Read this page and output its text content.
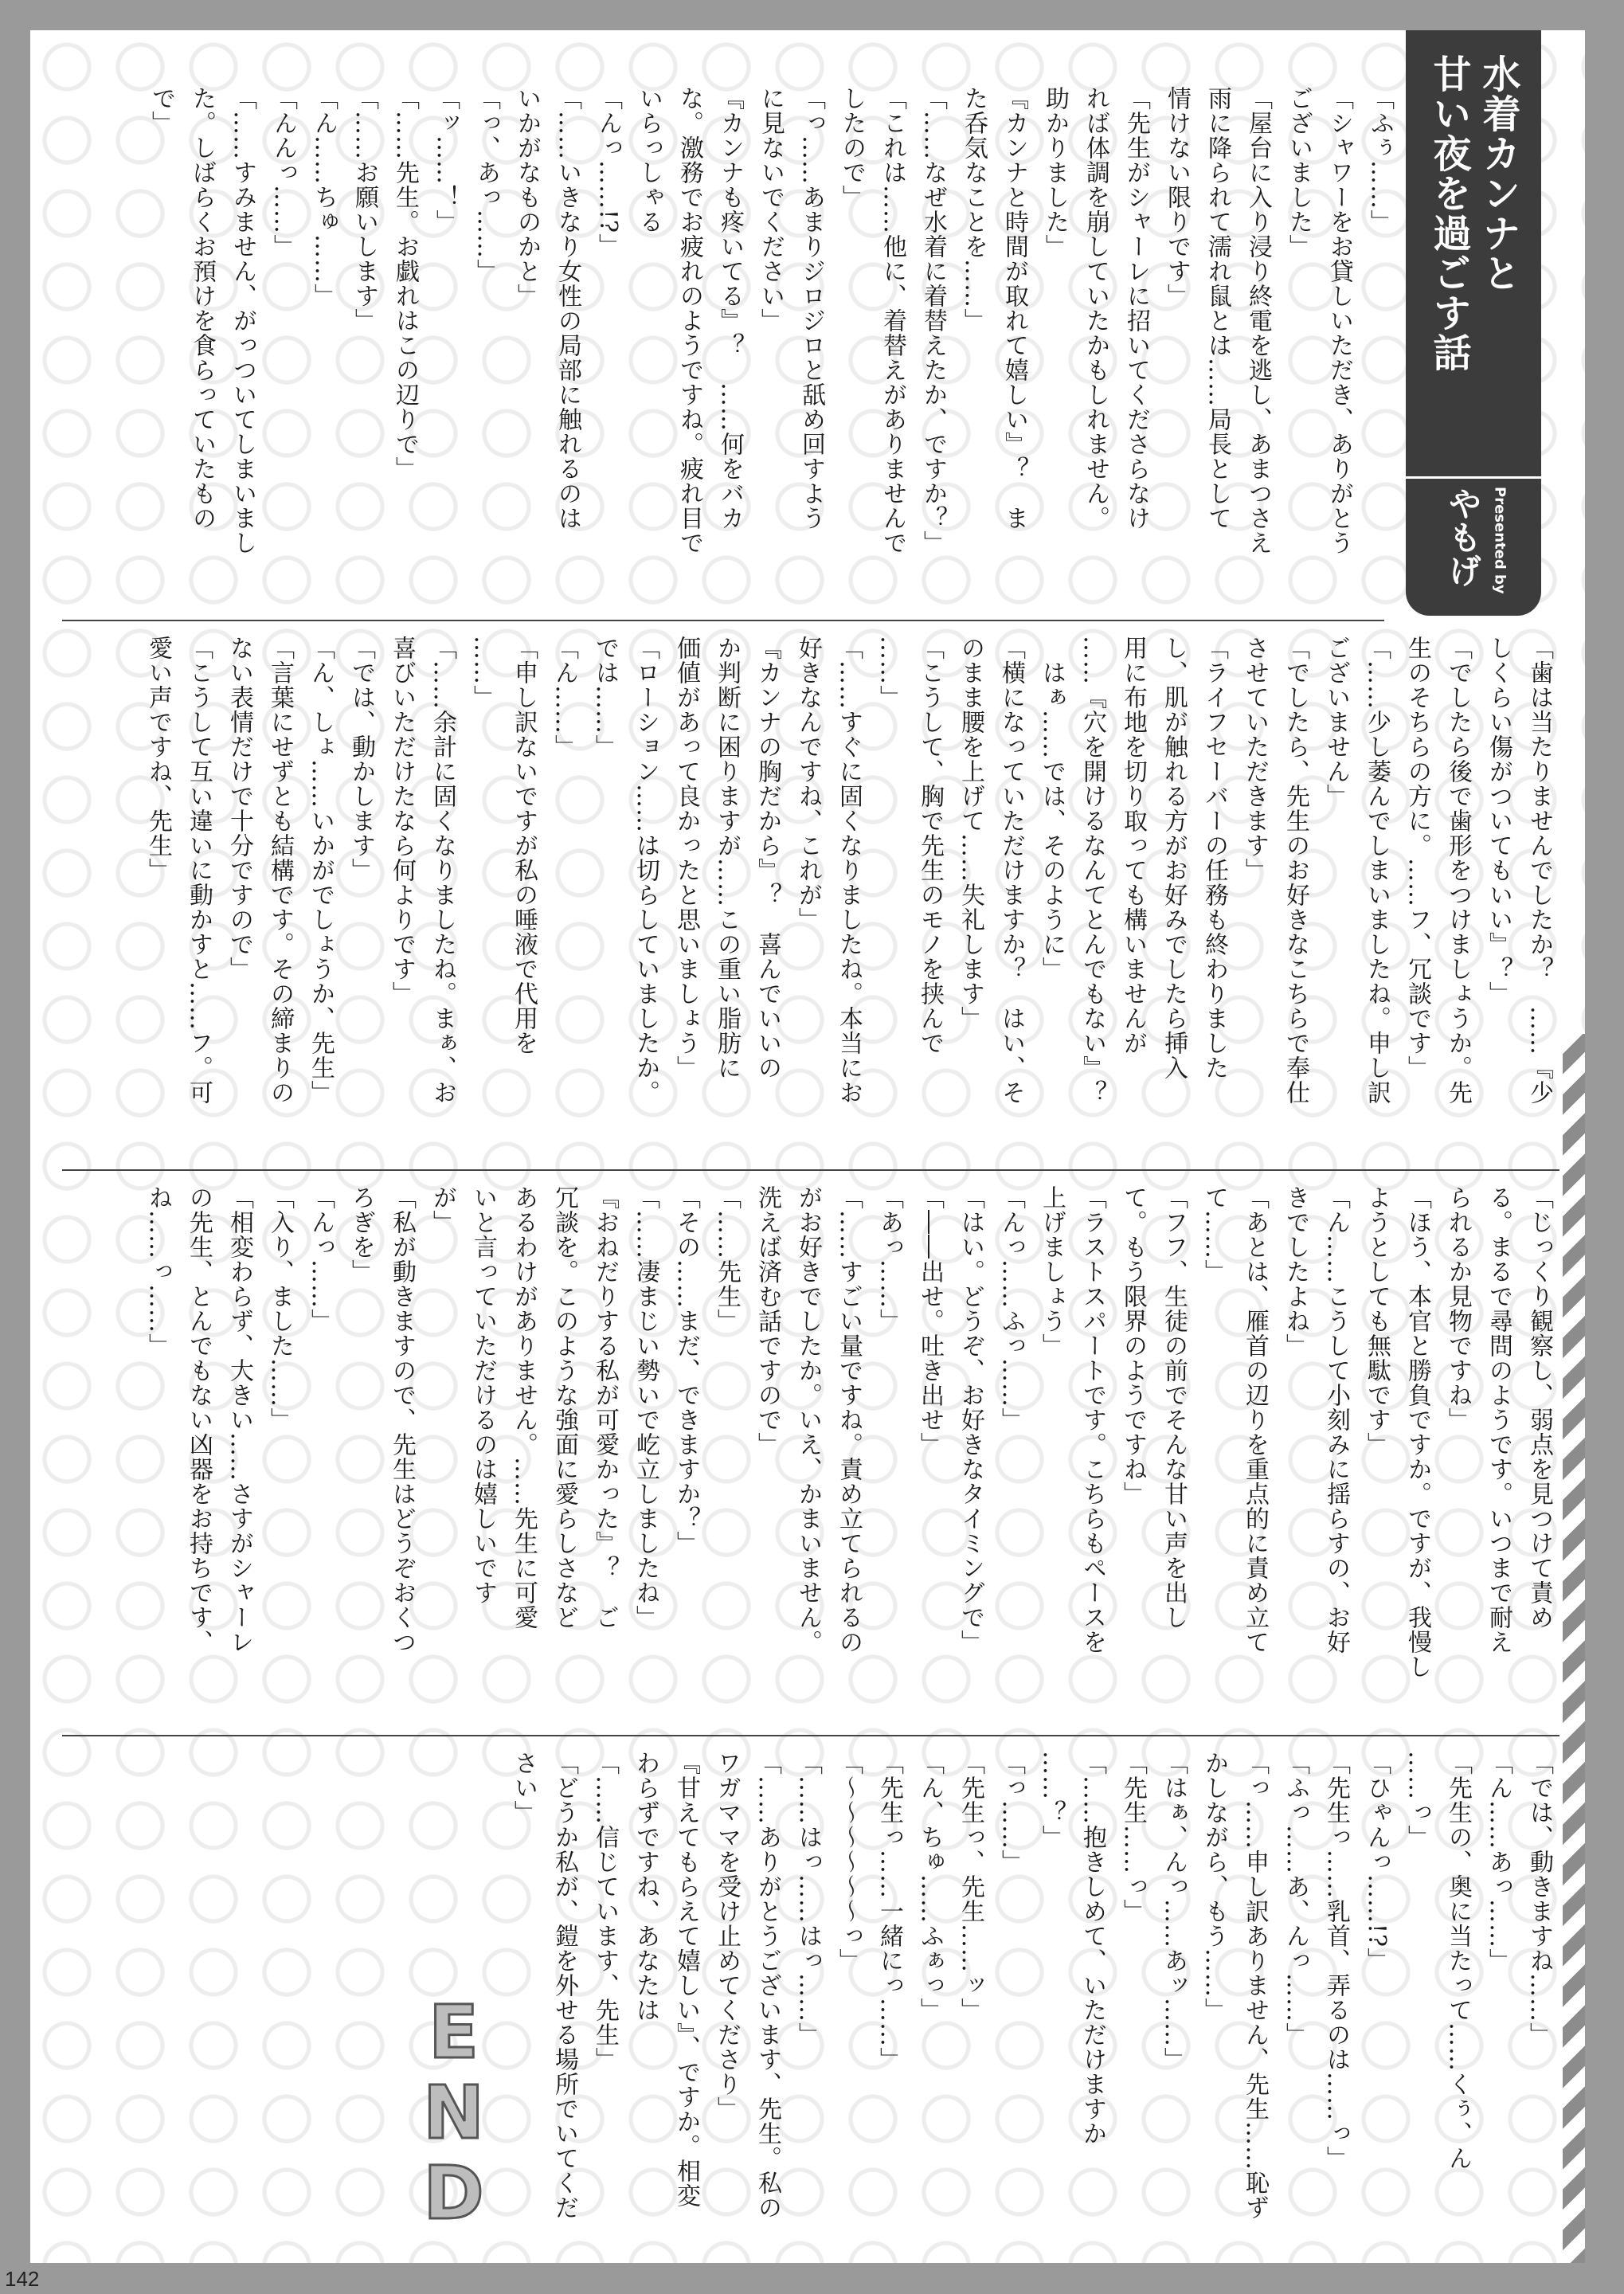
水着カンナと
甘い夜を過ごす話
Presented by
やもげ
「ふぅ……」
「シャワーをお貸しいただき、ありがとう
ございました」
「屋台に入り浸り終電を逃し、あまつさえ
雨に降られて濡れ鼠とは……局長として
情けない限りです」
「先生がシャーレに招いてくださらなけ
れば体調を崩していたかもしれません。
助かりました」
『カンナと時間が取れて嬉しい』？　ま
た呑気なことを……」
「……なぜ水着に着替えたか、ですか？」
「これは……他に、着替えがありませんで
したので」
「っ……あまりジロジロと舐め回すよう
に見ないでください」
『カンナも疼いてる』？　……何をバカ
な。激務でお疲れのようですね。疲れ目で
いらっしゃる
「んっ……!?」
「……いきなり女性の局部に触れるのは
いかがなものかと」
「っ、あっ……」
「ッ……！」
「……先生。お戯れはこの辺りで」
「……お願いします」
「ん……ちゅ……」
「んんっ……」
「……すみません、がっついてしまいまし
た。しばらくお預けを食らっていたもの
で」
「歯は当たりませんでしたか？　……『少
しくらい傷がついてもいい』？」
「でしたら後で歯形をつけましょうか。先
生のそちらの方に。……フ、冗談です」
「……少し萎んでしまいましたね。申し訳
ございません」
「でしたら、先生のお好きなこちらで奉仕
させていただきます」
「ライフセーバーの任務も終わりました
し、肌が触れる方がお好みでしたら挿入
用に布地を切り取っても構いませんが
……『穴を開けるなんてとんでもない』？
　はぁ……では、そのように」
「横になっていただけますか？　はい、そ
のまま腰を上げて……失礼します」
「こうして、胸で先生のモノを挟んで
……」
「……すぐに固くなりましたね。本当にお
好きなんですね、これが」
『カンナの胸だから』？　喜んでいいの
か判断に困りますが……この重い脂肪に
価値があって良かったと思いましょう」
「ローション……は切らしていましたか。
では……」
「ん……」
「申し訳ないですが私の唾液で代用を
……」
「……余計に固くなりましたね。まぁ、お
喜びいただけたなら何よりです」
「では、動かします」
「ん、しょ……いかがでしょうか、先生」
「言葉にせずとも結構です。その締まりの
ない表情だけで十分ですので」
「こうして互い違いに動かすと……フ。可
愛い声ですね、先生」
「じっくり観察し、弱点を見つけて責め
る。まるで尋問のようです。いつまで耐え
られるか見物ですね」
「ほう、本官と勝負ですか。ですが、我慢し
ようとしても無駄です」
「ん……こうして小刻みに揺らすの、お好
きでしたよね」
「あとは、雁首の辺りを重点的に責め立て
て……」
「フフ、生徒の前でそんな甘い声を出し
て。もう限界のようですね」
「ラストスパートです。こちらもペースを
上げましょう」
「んっ……ふっ……」
「はい。どうぞ、お好きなタイミングで」
「――出せ。吐き出せ」
「あっ……」
「……すごい量ですね。責め立てられるの
がお好きでしたか。いえ、かまいません。
洗えば済む話ですので」
「……先生」
「その……まだ、できますか？」
「……凄まじい勢いで屹立しましたね」
『おねだりする私が可愛かった』？　ご
冗談を。このような強面に愛らしさなど
あるわけがありません。……先生に可愛
いと言っていただけるのは嬉しいです
が」
「私が動きますので、先生はどうぞおくつ
ろぎを」
「んっ……」
「入り、ました……」
「相変わらず、大きい……さすがシャーレ
の先生、とんでもない凶器をお持ちです、
ね……っ……」
「では、動きますね……」
「ん……あっ……」
「先生の、奥に当たって……くぅ、ん
……っ」
「ひゃんっ……!?」
「先生っ……乳首、弄るのは……っ」
「ふっ……あ、んっ……」
「っ……申し訳ありません、先生……恥ず
かしながら、もう……」
「はぁ、んっ……あッ……」
「先生……っ」
「……抱きしめて、いただけますか
……？」
「っ……」
「先生っ、先生……ッ」
「ん、ちゅ……ふぁっ」
「先生っ……一緒にっ……」
「〜〜〜〜〜〜っ」
「……はっ……はっ……」
「……ありがとうございます、先生。私の
ワガママを受け止めてくださり」
『甘えてもらえて嬉しい』、ですか。相変
わらずですね、あなたは
「……信じています、先生」
「どうか私が、鎧を外せる場所でいてくだ
さい」
END
142
